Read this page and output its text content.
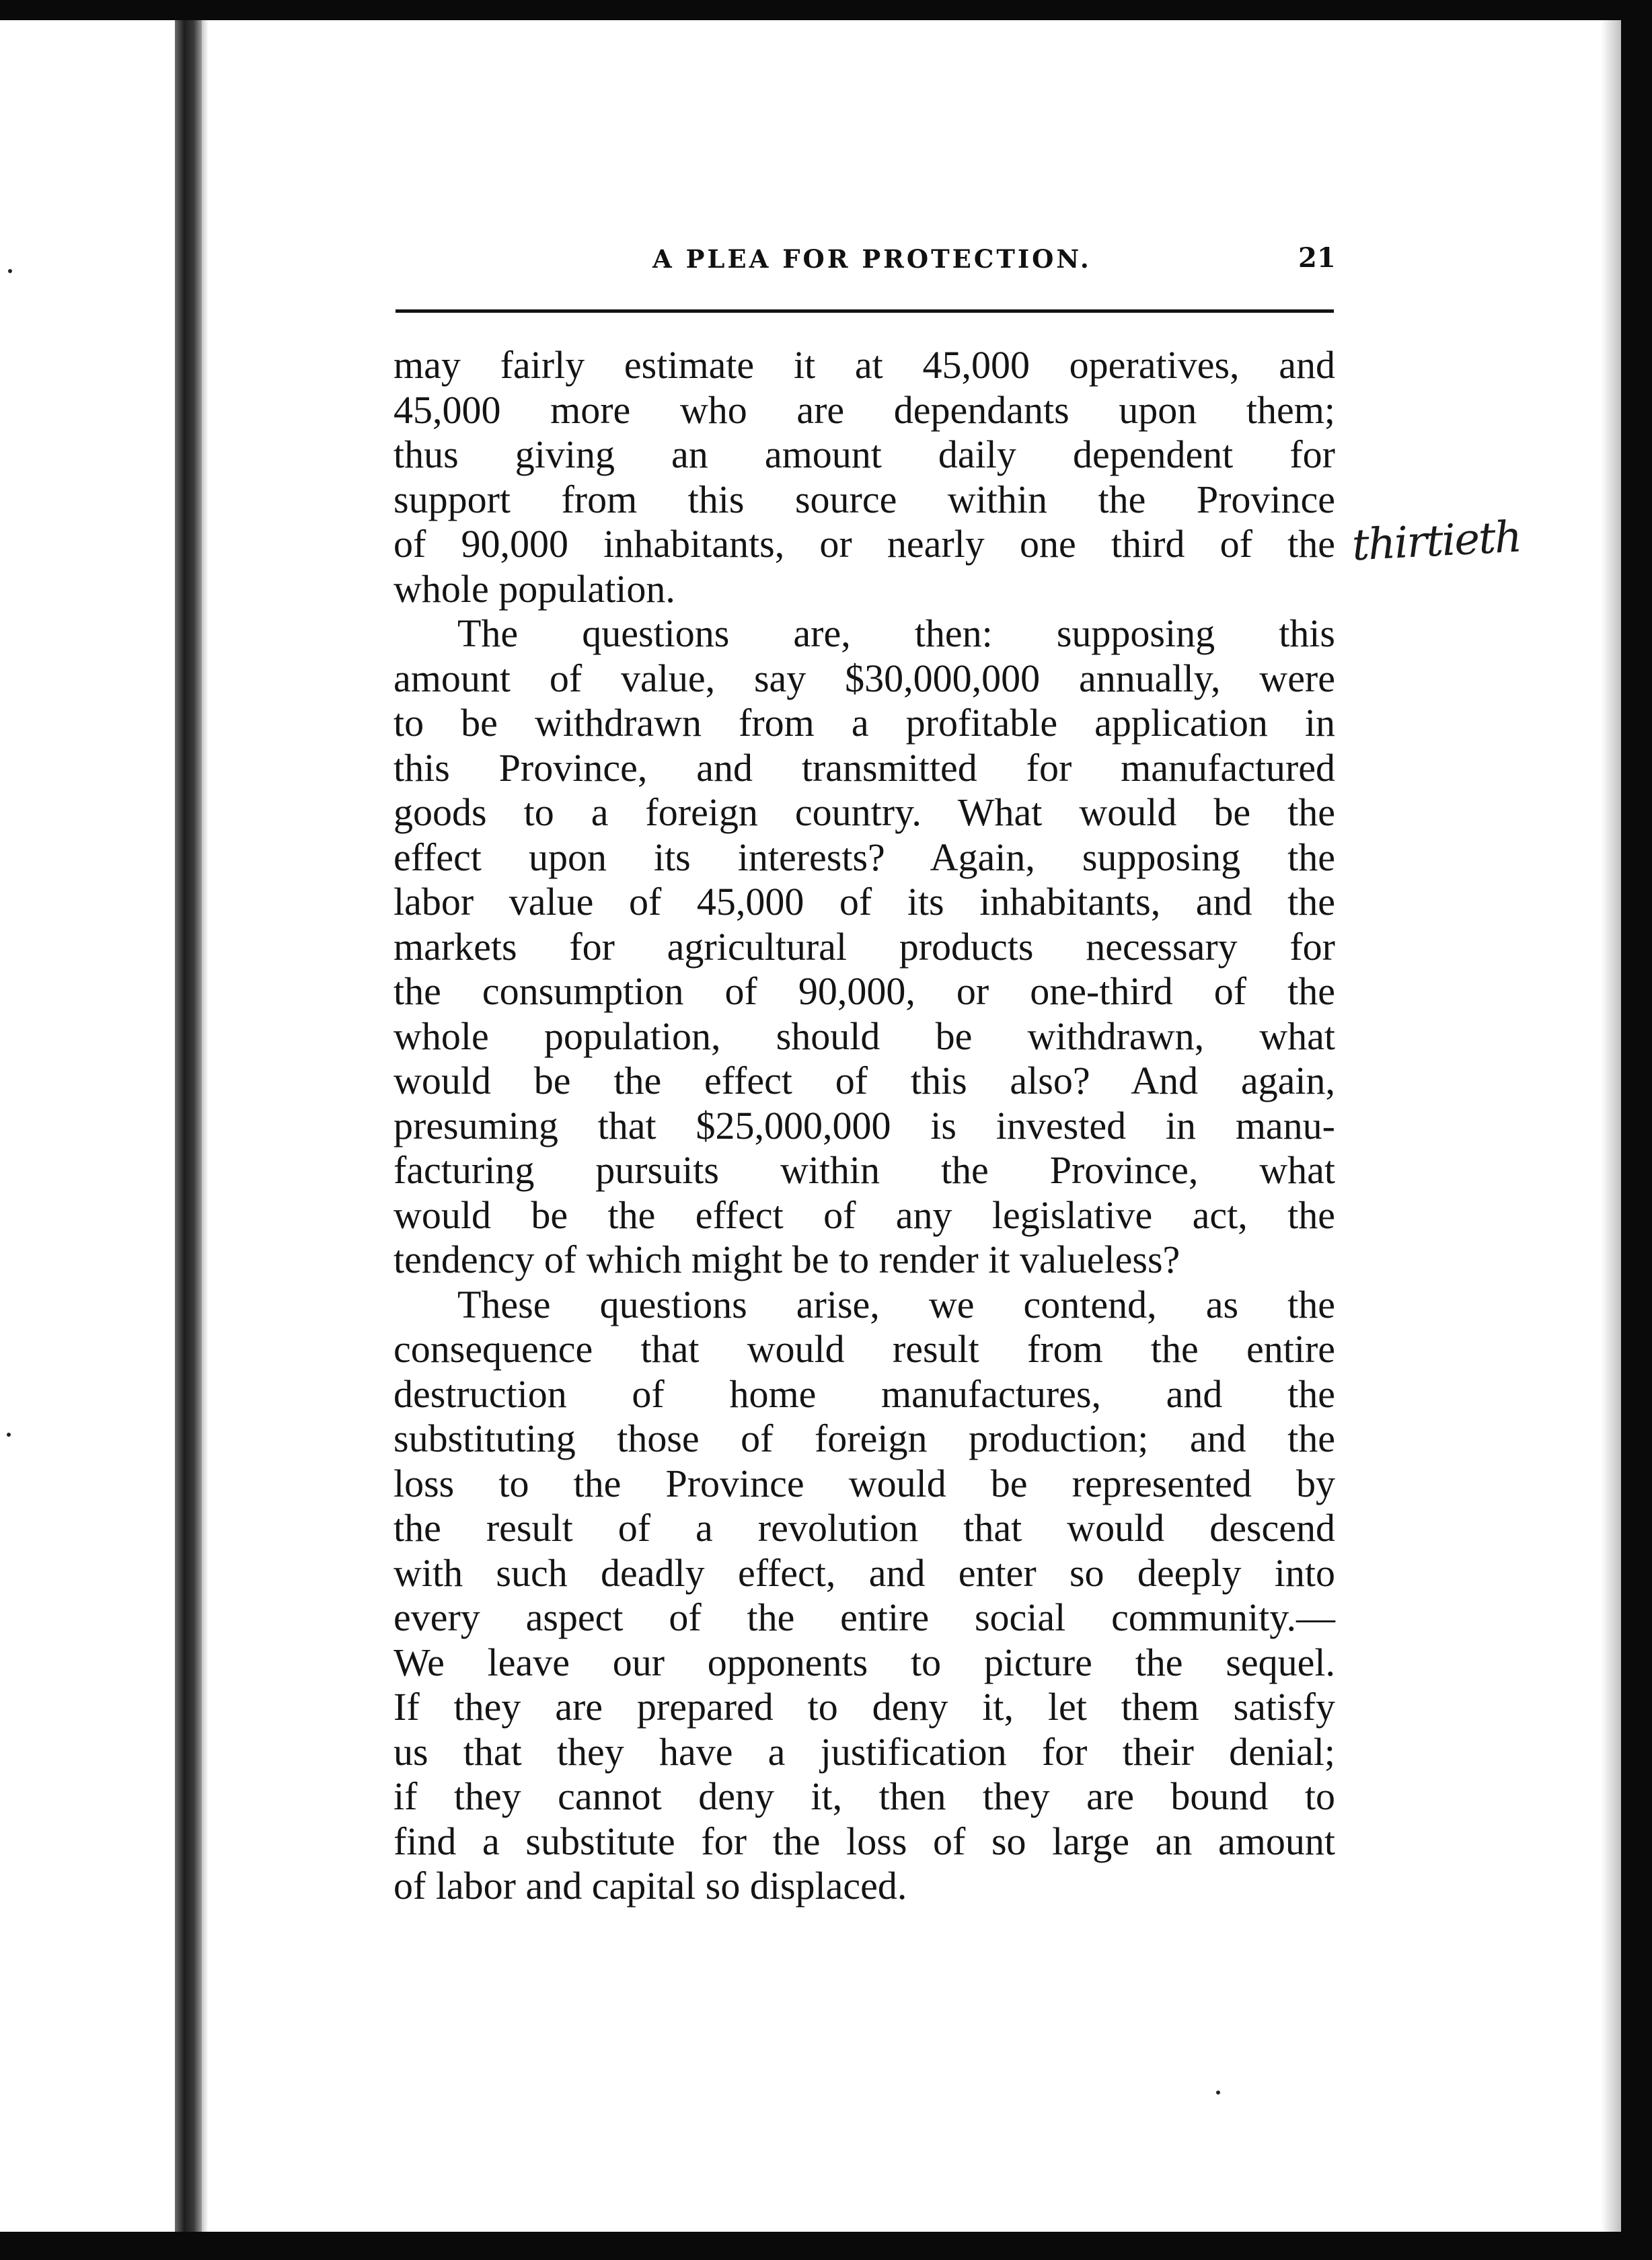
A PLEA FOR PROTECTION.	21
may fairly estimate it at 45,000 operatives, and
45,000 more who are dependants upon them;
thus giving an amount daily dependent for
support from this source within the Province
of 90,000 inhabitants, or nearly one third of the
whole population.
The questions are, then: supposing this
amount of value, say $30,000,000 annually, were
to be withdrawn from a profitable application in
this Province, and transmitted for manufactured
goods to a foreign country. What would be the
effect upon its interests? Again, supposing the
labor value of 45,000 of its inhabitants, and the
markets for agricultural products necessary for
the consumption of 90,000, or one-third of the
whole population, should be withdrawn, what
would be the effect of this also? And again,
presuming that $25,000,000 is invested in manu-
facturing pursuits within the Province, what
would be the effect of any legislative act, the
tendency of which might be to render it valueless?
These questions arise, we contend, as the
consequence that would result from the entire
destruction of home manufactures, and the
substituting those of foreign production; and the
loss to the Province would be represented by
the result of a revolution that would descend
with such deadly effect, and enter so deeply into
every aspect of the entire social community.—
We leave our opponents to picture the sequel.
If they are prepared to deny it, let them satisfy
us that they have a justification for their denial;
if they cannot deny it, then they are bound to
find a substitute for the loss of so large an amount
of labor and capital so displaced.
thirtieth
